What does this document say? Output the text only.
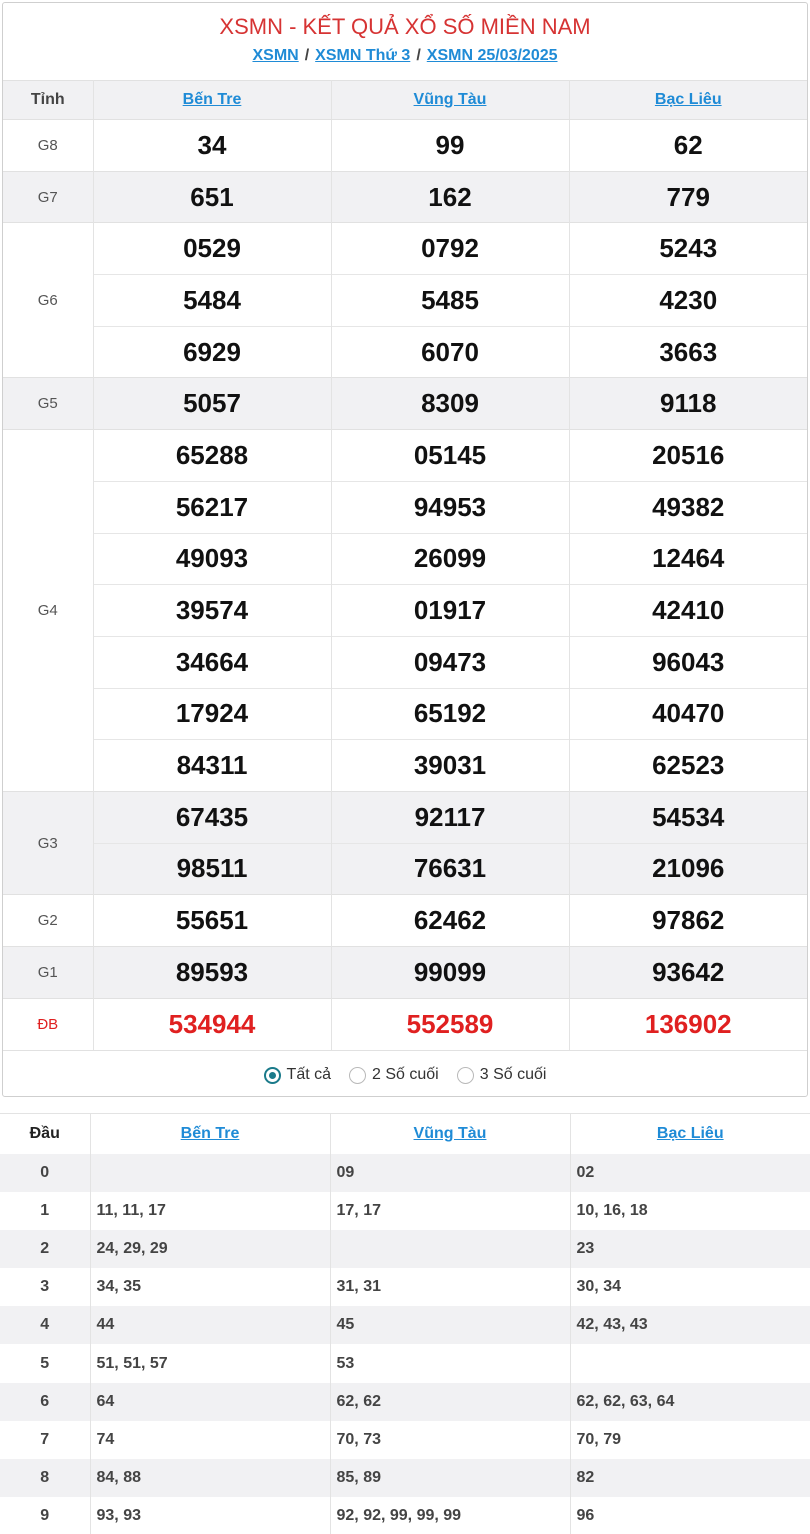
XSMN - KẾT QUẢ XỔ SỐ MIỀN NAM
XSMN / XSMN Thứ 3 / XSMN 25/03/2025
Tỉnh	Bến Tre	Vũng Tàu	Bạc Liêu
G8	34	99	62
G7	651	162	779
G6	0529	0792	5243
	5484	5485	4230
	6929	6070	3663
G5	5057	8309	9118
G4	65288	05145	20516
	56217	94953	49382
	49093	26099	12464
	39574	01917	42410
	34664	09473	96043
	17924	65192	40470
	84311	39031	62523
G3	67435	92117	54534
	98511	76631	21096
G2	55651	62462	97862
G1	89593	99099	93642
ĐB	534944	552589	136902
Tất cả	2 Số cuối	3 Số cuối
Đầu	Bến Tre	Vũng Tàu	Bạc Liêu
0		09	02
1	11, 11, 17	17, 17	10, 16, 18
2	24, 29, 29		23
3	34, 35	31, 31	30, 34
4	44	45	42, 43, 43
5	51, 51, 57	53	
6	64	62, 62	62, 62, 63, 64
7	74	70, 73	70, 79
8	84, 88	85, 89	82
9	93, 93	92, 92, 99, 99, 99	96
